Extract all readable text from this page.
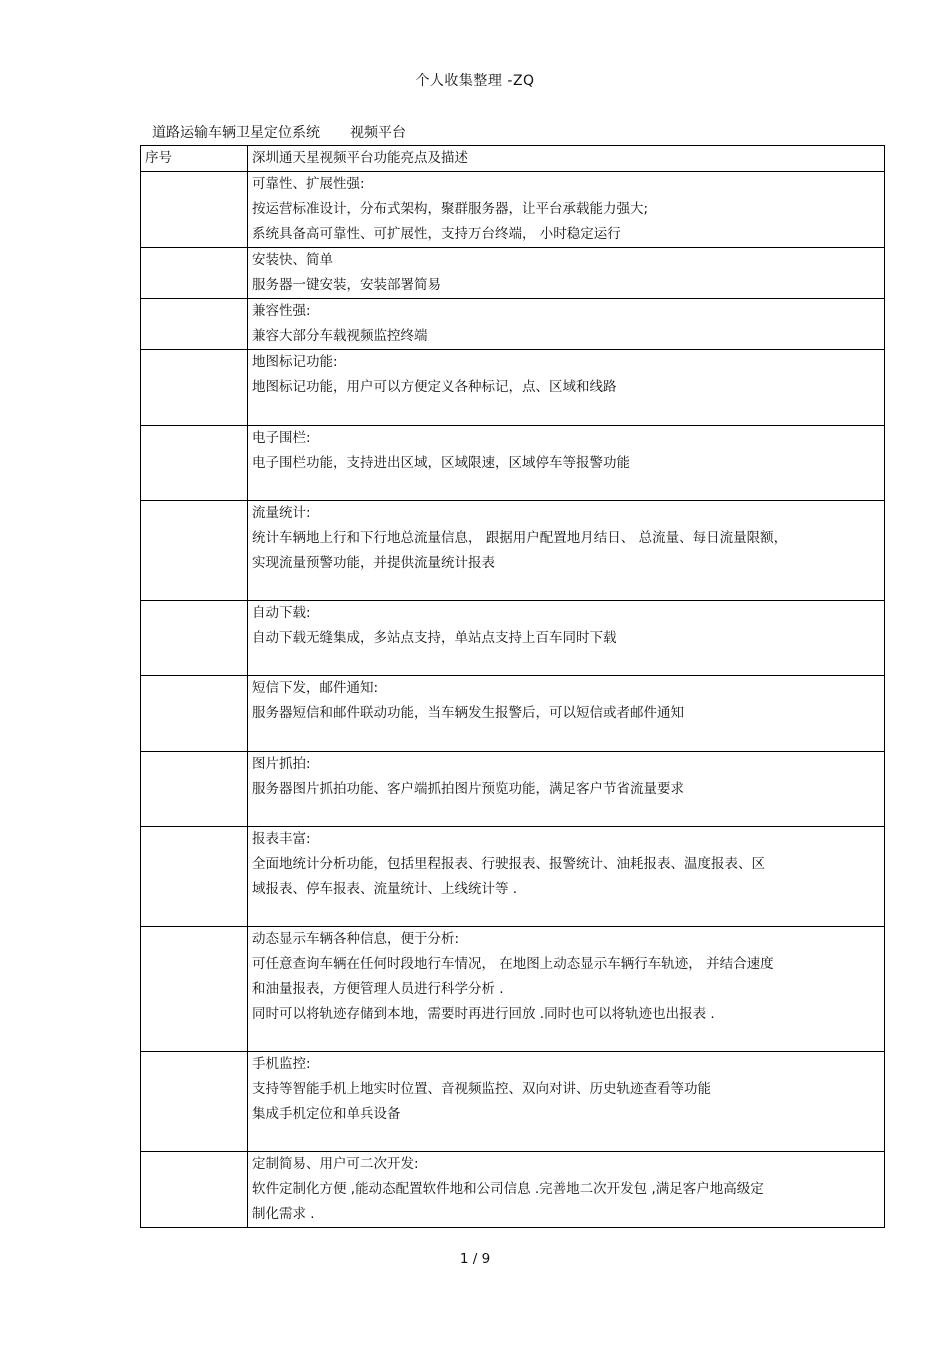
个人收集整理 -ZQ
道路运输车辆卫星定位系统 视频平台
序号	深圳通天星视频平台功能亮点及描述

	可靠性、扩展性强:
按运营标准设计，分布式架构，聚群服务器，让平台承载能力强大;
系统具备高可靠性、可扩展性，支持万台终端， 小时稳定运行

	安装快、简单
服务器一键安装，安装部署简易

	兼容性强:
兼容大部分车载视频监控终端

	地图标记功能:
地图标记功能，用户可以方便定义各种标记，点、区域和线路

	电子围栏:
电子围栏功能，支持进出区域，区域限速，区域停车等报警功能

	流量统计:
统计车辆地上行和下行地总流量信息， 跟据用户配置地月结日、 总流量、每日流量限额，
实现流量预警功能，并提供流量统计报表

	自动下载:
自动下载无缝集成，多站点支持，单站点支持上百车同时下载

	短信下发，邮件通知:
服务器短信和邮件联动功能，当车辆发生报警后，可以短信或者邮件通知

	图片抓拍:
服务器图片抓拍功能、客户端抓拍图片预览功能，满足客户节省流量要求

	报表丰富:
全面地统计分析功能，包括里程报表、行驶报表、报警统计、油耗报表、温度报表、区
域报表、停车报表、流量统计、上线统计等 .

	动态显示车辆各种信息，便于分析:
可任意查询车辆在任何时段地行车情况， 在地图上动态显示车辆行车轨迹， 并结合速度
和油量报表，方便管理人员进行科学分析 .
同时可以将轨迹存储到本地，需要时再进行回放 .同时也可以将轨迹也出报表 .

	手机监控:
支持等智能手机上地实时位置、音视频监控、双向对讲、历史轨迹查看等功能
集成手机定位和单兵设备

	定制简易、用户可二次开发:
软件定制化方便 ,能动态配置软件地和公司信息 .完善地二次开发包 ,满足客户地高级定
制化需求 .
1 / 9
